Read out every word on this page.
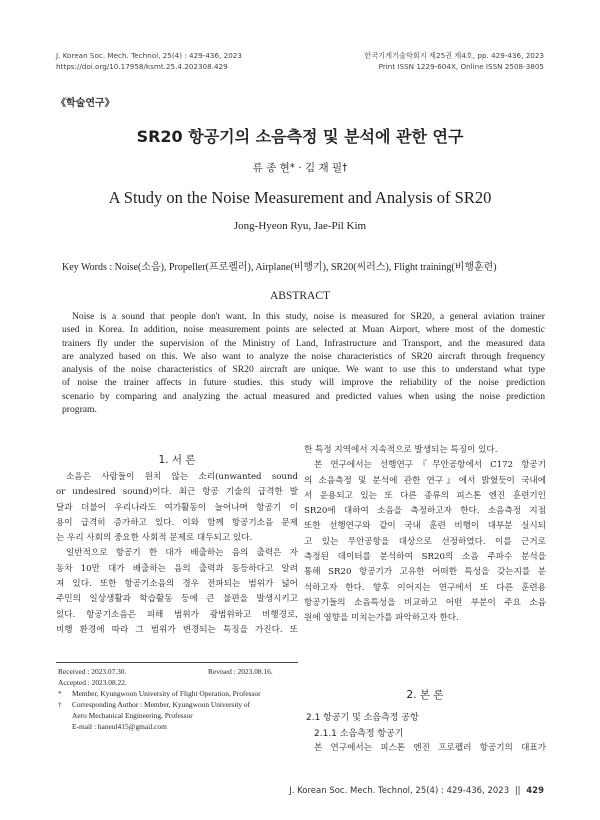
J. Korean Soc. Mech. Technol, 25(4) : 429-436, 2023
https://doi.org/10.17958/ksmt.25.4.202308.429
한국기계기술학회지 제25권 제4호, pp. 429-436, 2023
Print ISSN 1229-604X, Online ISSN 2508-3805
《학술연구》
SR20 항공기의 소음측정 및 분석에 관한 연구
류 종 현* · 김 재 필†
A Study on the Noise Measurement and Analysis of SR20
Jong-Hyeon Ryu, Jae-Pil Kim
Key Words : Noise(소음), Propeller(프로펠러), Airplane(비행기), SR20(씨러스), Flight training(비행훈련)
ABSTRACT
Noise is a sound that people don't want. In this study, noise is measured for SR20, a general aviation trainer
used in Korea. In addition, noise measurement points are selected at Muan Airport, where most of the domestic
trainers fly under the supervision of the Ministry of Land, Infrastructure and Transport, and the measured data
are analyzed based on this. We also want to analyze the noise characteristics of SR20 aircraft through frequency
analysis of the noise characteristics of SR20 aircraft are unique. We want to use this to understand what type
of noise the trainer affects in future studies. this study will improve the reliability of the noise prediction
scenario by comparing and analyzing the actual measured and predicted values when using the noise prediction
program.
1. 서 론
소음은 사람들이 원치 않는 소리(unwanted sound
or undesired sound)이다. 최근 항공 기술의 급격한 발
달과 더불어 우리나라도 여가활동이 늘어나며 항공기 이
용이 급격히 증가하고 있다. 이와 함께 항공기소음 문제
는 우리 사회의 중요한 사회적 문제로 대두되고 있다.
일반적으로 항공기 한 대가 배출하는 음의 출력은 자
동차 10만 대가 배출하는 음의 출력과 동등하다고 알려
져 있다. 또한 항공기소음의 경우 전파되는 범위가 넓어
주민의 일상생활과 학습활동 등에 큰 불편을 발생시키고
있다. 항공기소음은 피해 범위가 광범위하고 비행경로,
비행 환경에 따라 그 범위가 변경되는 특징을 가진다. 또
Received : 2023.07.30.	Revised : 2023.08.16.
Accepted : 2023.08.22.
* Member, Kyungwoon University of Flight Operation, Professor
† Corresponding Author : Member, Kyungwoon University of
Aero Mechanical Engineering, Professor
E-mail : haneul415@gmail.com
한 특정 지역에서 지속적으로 발생되는 특징이 있다.
본 연구에서는 선행연구『무안공항에서 C172 항공기
의 소음측정 및 분석에 관한 연구』에서 밝혔듯이 국내에
서 운용되고 있는 또 다른 종류의 피스톤 엔진 훈련기인
SR20에 대하여 소음을 측정하고자 한다. 소음측정 지점
또한 선행연구와 같이 국내 훈련 비행이 대부분 실시되
고 있는 무안공항을 대상으로 선정하였다. 이를 근거로
측정된 데이터를 분석하여 SR20의 소음 주파수 분석을
통해 SR20 항공기가 고유한 어떠한 특성을 갖는지를 분
석하고자 한다. 향후 이어지는 연구에서 또 다른 훈련용
항공기들의 소음특성을 비교하고 어떤 부분이 주요 소음
원에 영향을 미치는가를 파악하고자 한다.
2. 본 론
2.1 항공기 및 소음측정 공항
2.1.1 소음측정 항공기
본 연구에서는 피스톤 엔진 프로펠러 항공기의 대표가
J. Korean Soc. Mech. Technol, 25(4) : 429-436, 2023 || 429
